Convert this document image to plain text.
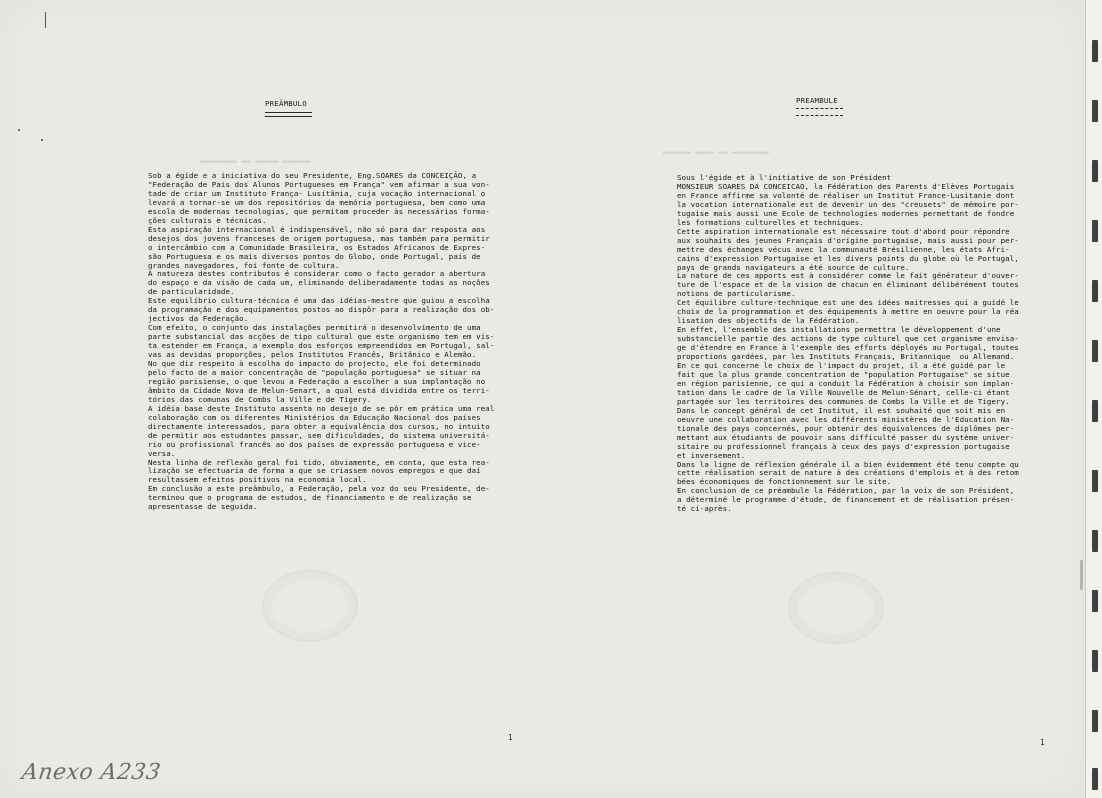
▂▂▂▂▂▂▂▂ ▂▂ ▂▂▂▂▂ ▂▂▂▂▂▂
▂▂▂▂▂▂ ▂▂▂▂ ▂▂ ▂▂▂▂▂▂▂▂
PREÂMBULO
Sob a égide e a iniciativa do seu Presidente, Eng.SOARES da CONCEIÇÃO, a
"Federação de Pais dos Alunos Portugueses em França" vem afirmar a sua von-
tade de criar um Instituto França- Lusitânia, cuja vocação internacional o
levará a tornar-se um dos repositórios da memória portuguesa, bem como uma
escola de modernas tecnologias, que permitam proceder às necessárias forma-
ções culturais e técnicas.
Esta aspiração internacional é indispensável, não só para dar resposta aos
desejos dos jovens franceses de origem portuguesa, mas também para permitir
o intercâmbio com a Comunidade Brasileira, os Estados Africanos de Expres-
são Portuguesa e os mais diversos pontos do Globo, onde Portugal, país de
grandes navegadores, foi fonte de cultura.
A natureza destes contributos é considerar como o facto gerador a abertura
do espaço e da visão de cada um, eliminando deliberadamente todas as noções
de particularidade.
Este equilíbrio cultura-técnica é uma das idéias-mestre que guiou a escolha
da programação e dos equipamentos postos ao dispôr para a realização dos ob-
jectivos da Federação.
Com efeito, o conjunto das instalações permitirá o desenvolvimento de uma
parte substancial das acções de tipo cultural que este organismo tem em vis-
ta estender em França, a exemplo dos esforços empreendidos em Portugal, sal-
vas as devidas proporções, pelos Institutos Francês, Britânico e Alemão.
No que diz respeito à escolha do impacto do projecto, ele foi determinado
pelo facto de a maior concentração de "população portuguesa" se situar na
região parisiense, o que levou a Federação a escolher a sua implantação no
âmbito da Cidade Nova de Melun-Senart, a qual está dividida entre os terri-
tórios das comunas de Combs la Ville e de Tigery.
A idéia base deste Instituto assenta no desejo de se pôr em prática uma real
colaboração com os diferentes Ministérios da Educação Nacional dos países
directamente interessados, para obter a equivalência dos cursos, no intuito
de permitir aos estudantes passar, sem dificuldades, do sistema universitá-
rio ou profissional francês ao dos países de expressão portuguesa e vice-
versa.
Nesta linha de reflexão geral foi tido, obviamente, em conta, que esta rea-
lização se efectuaria de forma a que se criassem novos empregos e que daí
resultassem efeitos positivos na economia local.
Em conclusão a este preâmbulo, a Federação, pela voz do seu Presidente, de-
terminou que o programa de estudos, de financiamento e de realização se
apresentasse de seguida.
1
PREAMBULE
Sous l'égide et à l'initiative de son Président
MONSIEUR SOARES DA CONCEICAO, la Fédération des Parents d'Elèves Portugais
en France affirme sa volonté de réaliser un Institut France-Lusitanie dont
la vocation internationale est de devenir un des "creusets" de mémoire por-
tugaise mais aussi une Ecole de technologies modernes permettant de fondre
les formations culturelles et techniques.
Cette aspiration internationale est nécessaire tout d'abord pour répondre
aux souhaits des jeunes Français d'origine portugaise, mais aussi pour per-
mettre des échanges vécus avec la communauté Brésilienne, les états Afri-
cains d'expression Portugaise et les divers points du globe où le Portugal,
pays de grands navigateurs a été source de culture.
La nature de ces apports est à considérer comme le fait générateur d'ouver-
ture de l'espace et de la vision de chacun en éliminant délibérément toutes
notions de particularisme.
Cet équilibre culture-technique est une des idées maitresses qui a guidé le
choix de la programmation et des équipements à mettre en oeuvre pour la réa
lisation des objectifs de la Fédération.
En effet, l'ensemble des installations permettra le développement d'une
substancielle partie des actions de type culturel que cet organisme envisa-
ge d'étendre en France à l'exemple des efforts déployés au Portugal, toutes
proportions gardées, par les Instituts Français, Britannique  ou Allemand.
En ce qui concerne le choix de l'impact du projet, il a été guidé par le
fait que la plus grande concentration de "population Portugaise" se situe
en région parisienne, ce qui a conduit la Fédération à choisir son implan-
tation dans le cadre de la Ville Nouvelle de Melun-Sénart, celle-ci étant
partagée sur les territoires des communes de Combs la Ville et de Tigery.
Dans le concept général de cet Institut, il est souhaité que soit mis en
oeuvre une collaboration avec les différents ministères de l'Education Na-
tionale des pays concernés, pour obtenir des équivalences de diplômes per-
mettant aux étudiants de pouvoir sans difficulté passer du système univer-
sitaire ou professionnel français à ceux des pays d'expression portugaise
et inversement.
Dans la ligne de réflexion générale il a bien évidemment été tenu compte qu
cette réalisation serait de nature à des créations d'emplois et à des retom
bées économiques de fonctionnement sur le site.
En conclusion de ce préambule la Fédération, par la voix de son Président,
a déterminé le programme d'étude, de financement et de réalisation présen-
té ci-après.
1
Anexo A233
